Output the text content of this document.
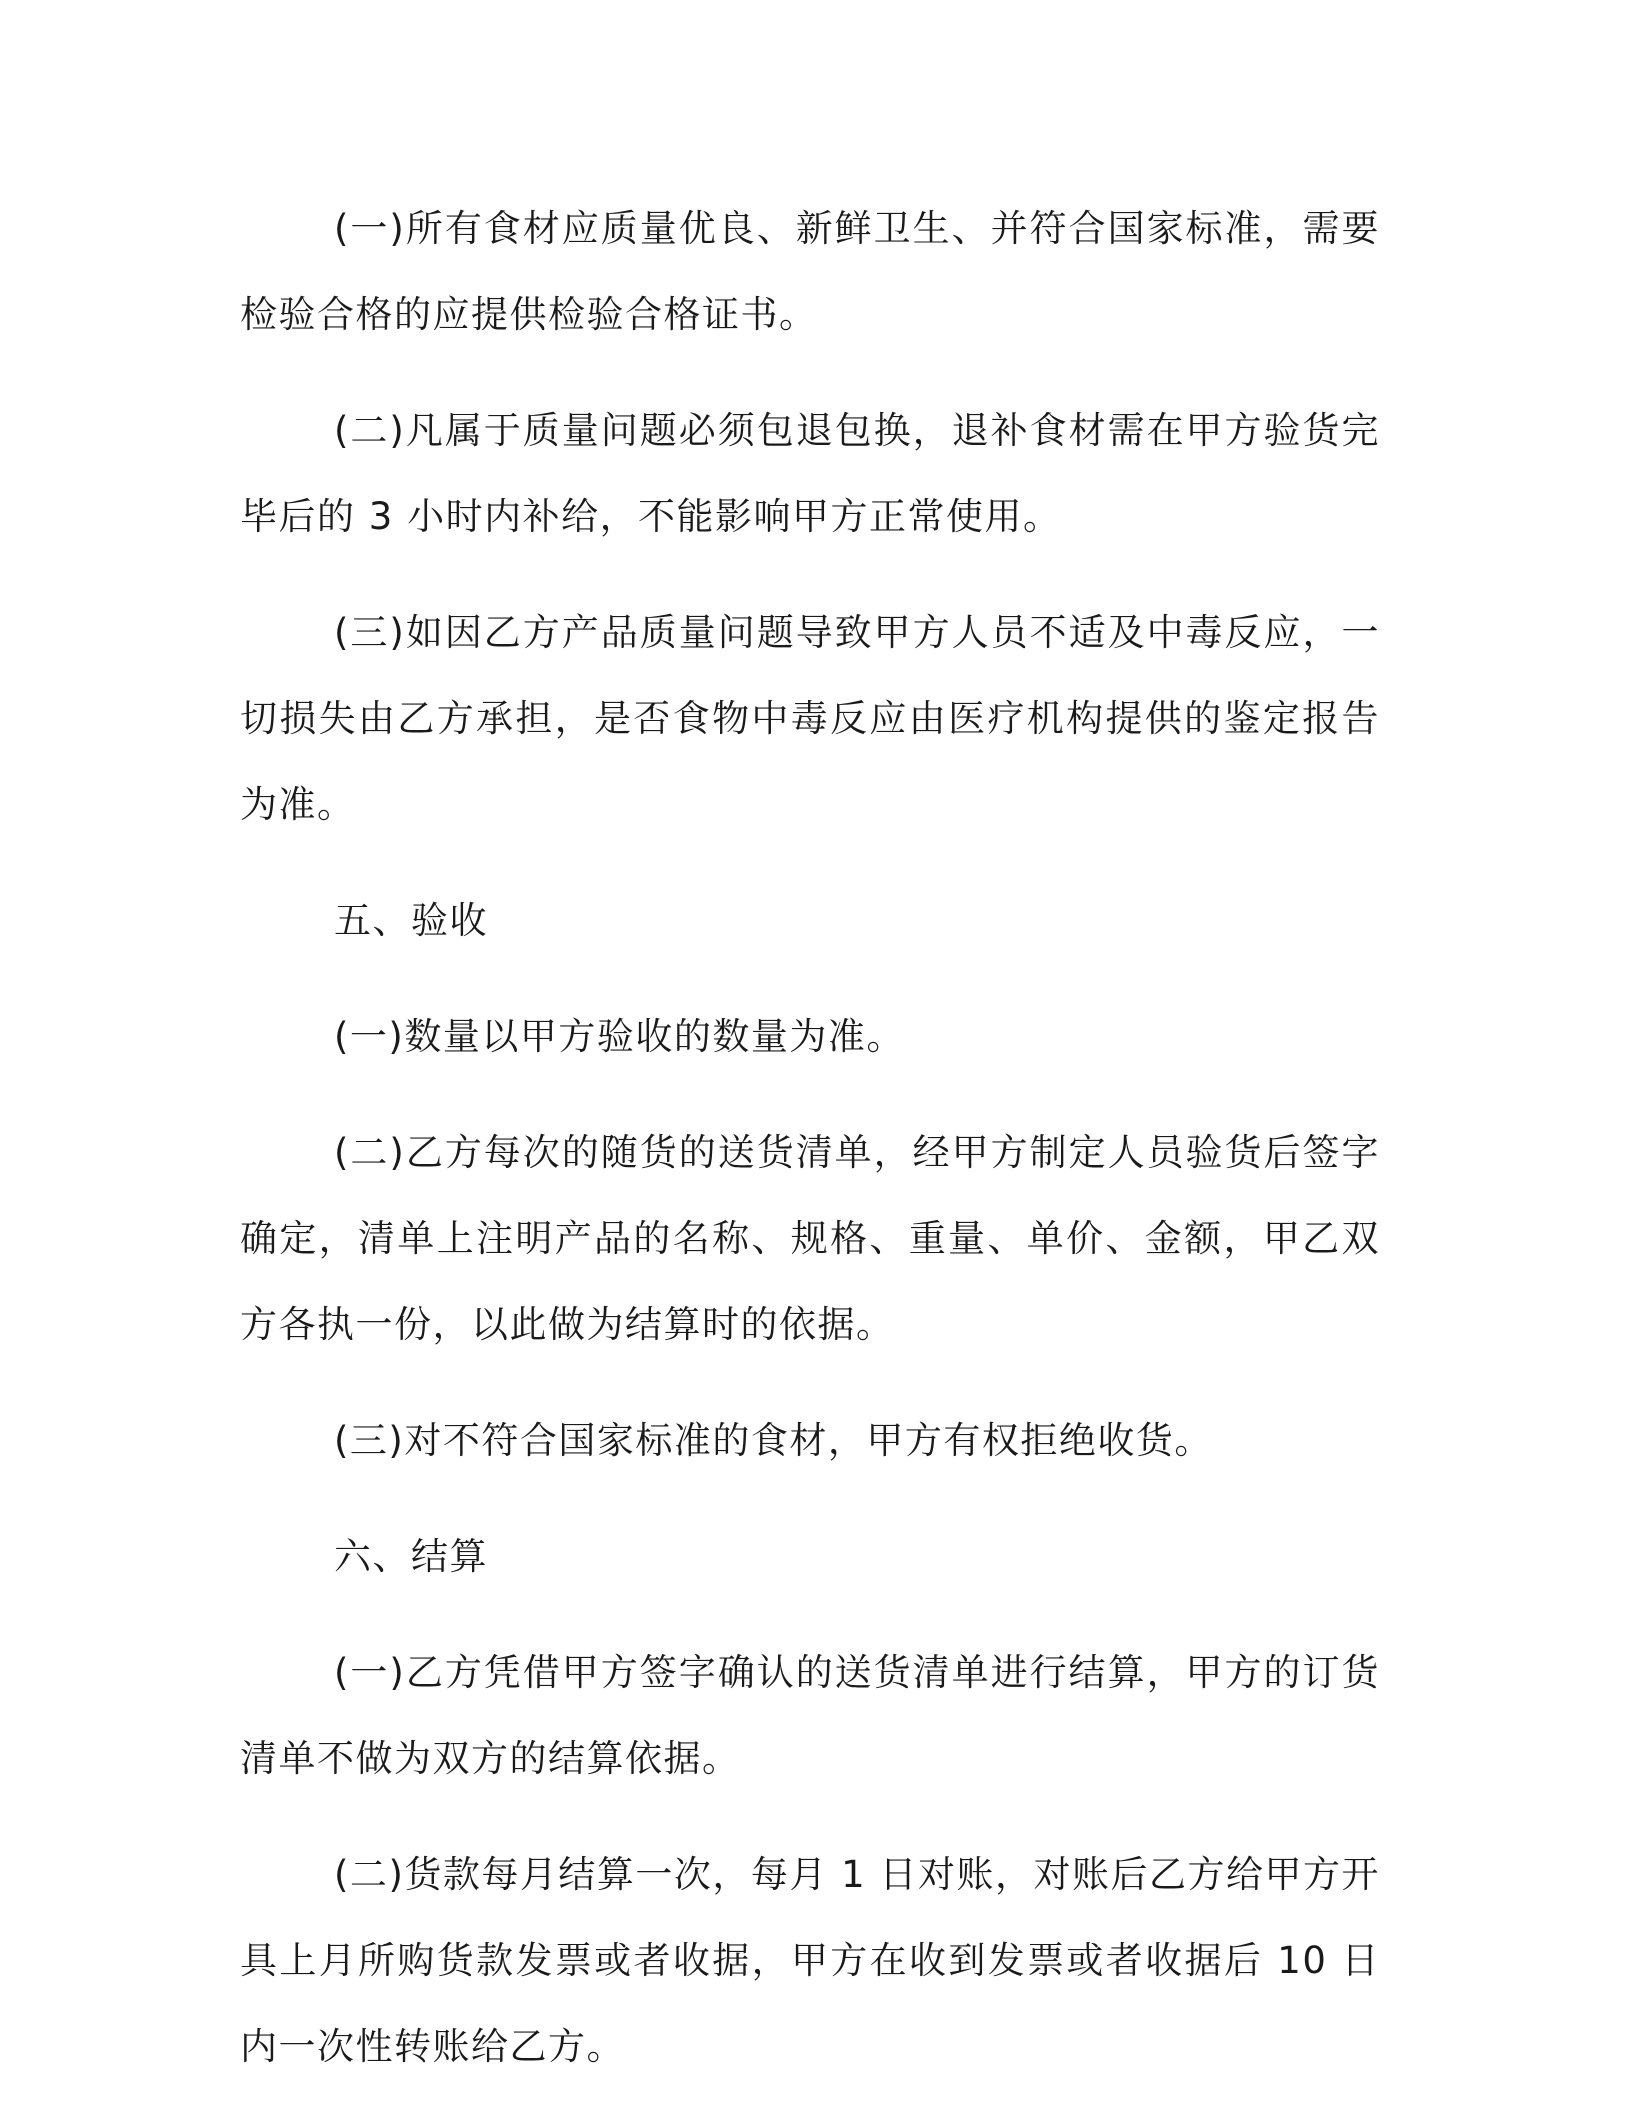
(一)所有食材应质量优良、新鲜卫生、并符合国家标准，需要检验合格的应提供检验合格证书。

(二)凡属于质量问题必须包退包换，退补食材需在甲方验货完毕后的 3 小时内补给，不能影响甲方正常使用。

(三)如因乙方产品质量问题导致甲方人员不适及中毒反应，一切损失由乙方承担，是否食物中毒反应由医疗机构提供的鉴定报告为准。

五、验收

(一)数量以甲方验收的数量为准。

(二)乙方每次的随货的送货清单，经甲方制定人员验货后签字确定，清单上注明产品的名称、规格、重量、单价、金额，甲乙双方各执一份，以此做为结算时的依据。

(三)对不符合国家标准的食材，甲方有权拒绝收货。

六、结算

(一)乙方凭借甲方签字确认的送货清单进行结算，甲方的订货清单不做为双方的结算依据。

(二)货款每月结算一次，每月 1 日对账，对账后乙方给甲方开具上月所购货款发票或者收据，甲方在收到发票或者收据后 10 日内一次性转账给乙方。
